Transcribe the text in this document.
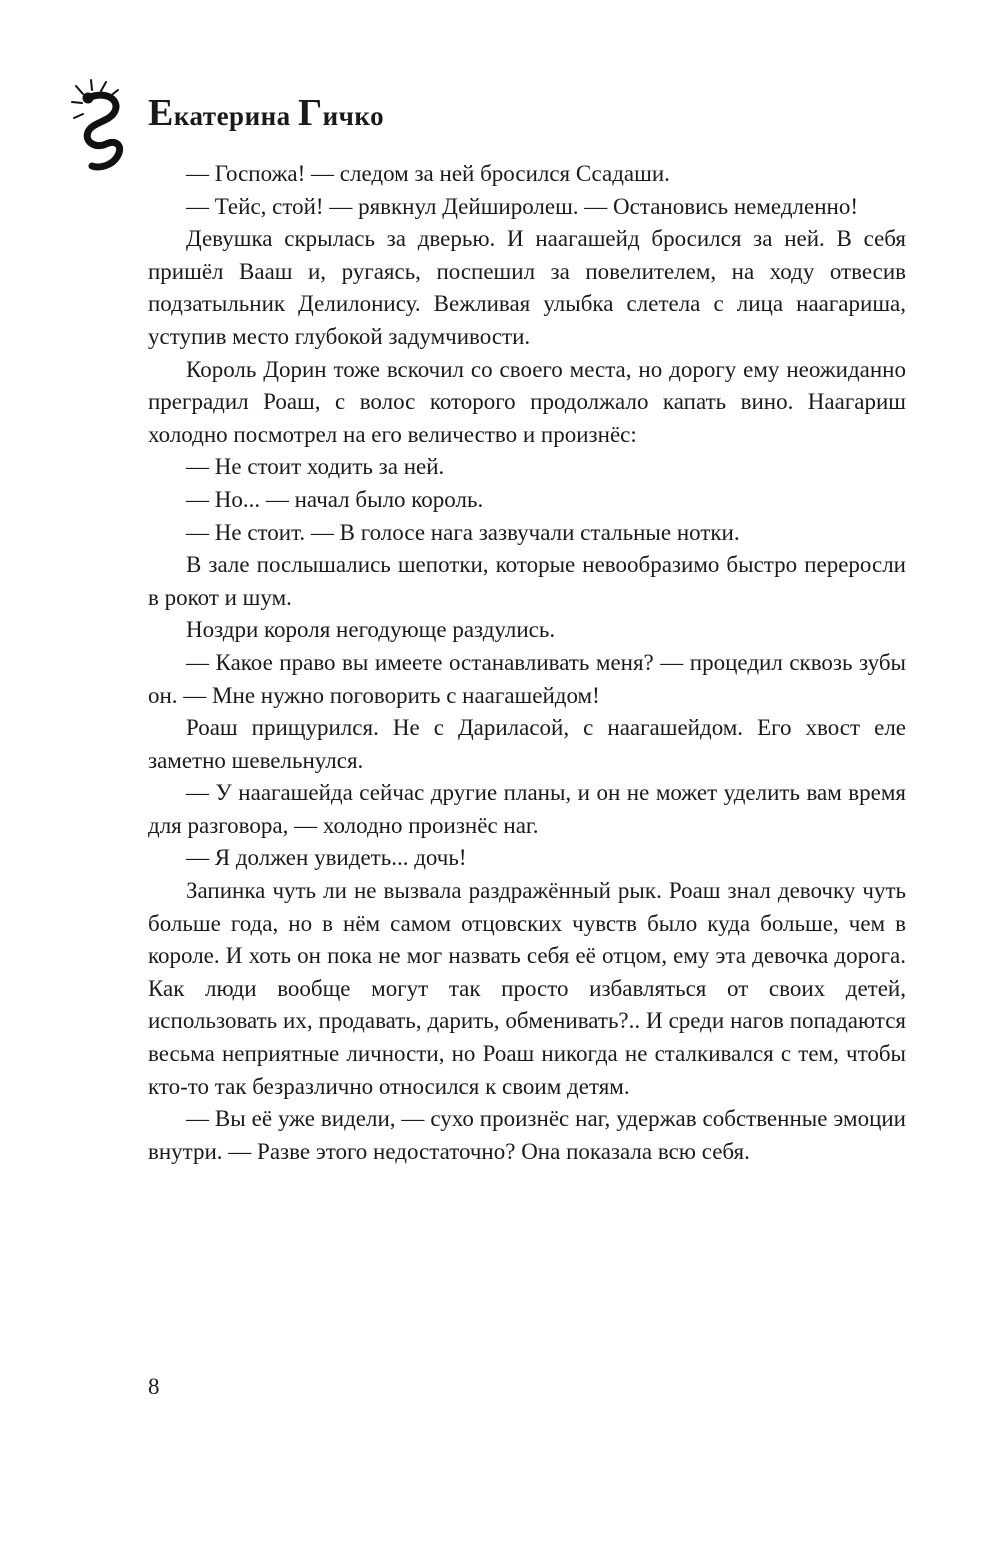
Екатерина Гичко

— Госпожа! — следом за ней бросился Ссадаши.

— Тейс, стой! — рявкнул Дейширолеш. — Остановись немедленно!

Девушка скрылась за дверью. И наагашейд бросился за ней. В себя пришёл Вааш и, ругаясь, поспешил за повелителем, на ходу отвесив подзатыльник Делилонису. Вежливая улыбка слетела с лица наагариша, уступив место глубокой задумчивости.

Король Дорин тоже вскочил со своего места, но дорогу ему неожиданно преградил Роаш, с волос которого продолжало капать вино. Наагариш холодно посмотрел на его величество и произнёс:

— Не стоит ходить за ней.

— Но... — начал было король.

— Не стоит. — В голосе нага зазвучали стальные нотки.

В зале послышались шепотки, которые невообразимо быстро переросли в рокот и шум.

Ноздри короля негодующе раздулись.

— Какое право вы имеете останавливать меня? — процедил сквозь зубы он. — Мне нужно поговорить с наагашейдом!

Роаш прищурился. Не с Дариласой, с наагашейдом. Его хвост еле заметно шевельнулся.

— У наагашейда сейчас другие планы, и он не может уделить вам время для разговора, — холодно произнёс наг.

— Я должен увидеть... дочь!

Запинка чуть ли не вызвала раздражённый рык. Роаш знал девочку чуть больше года, но в нём самом отцовских чувств было куда больше, чем в короле. И хоть он пока не мог назвать себя её отцом, ему эта девочка дорога. Как люди вообще могут так просто избавляться от своих детей, использовать их, продавать, дарить, обменивать?.. И среди нагов попадаются весьма неприятные личности, но Роаш никогда не сталкивался с тем, чтобы кто-то так безразлично относился к своим детям.

— Вы её уже видели, — сухо произнёс наг, удержав собственные эмоции внутри. — Разве этого недостаточно? Она показала всю себя.

8
